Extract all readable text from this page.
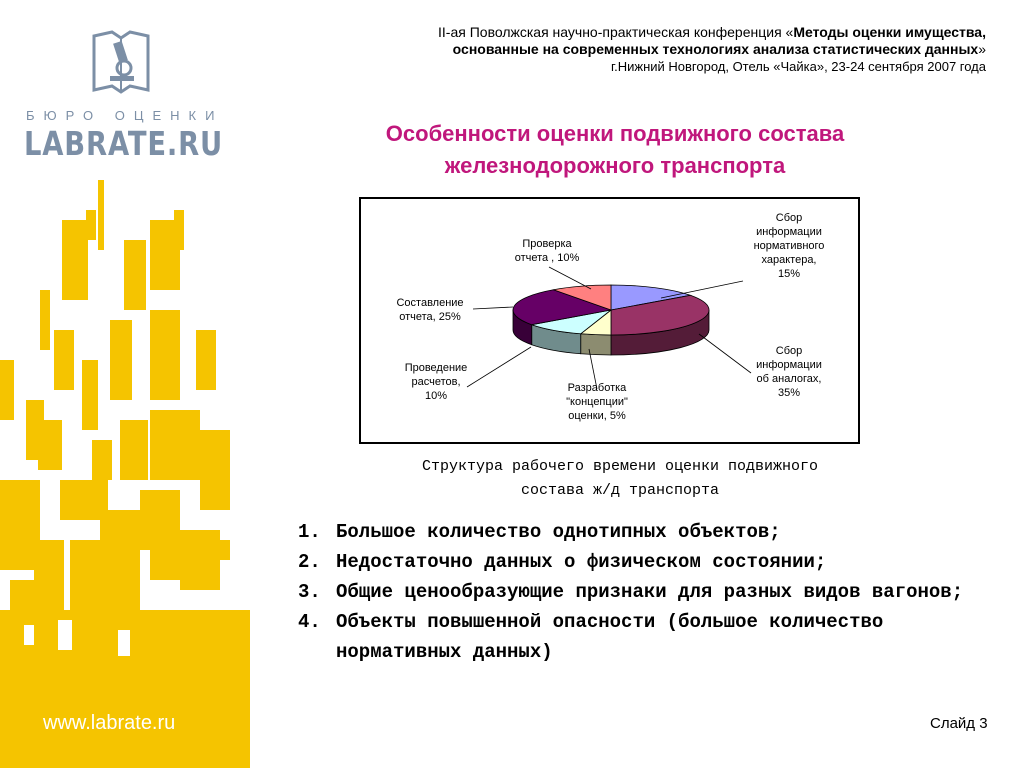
II-ая Поволжская научно-практическая конференция «Методы оценки имущества,
основанные на современных технологиях анализа статистических данных»
г.Нижний Новгород, Отель «Чайка», 23-24 сентября 2007 года
БЮРО ОЦЕНКИ
LABRATE.RU
www.labrate.ru
Особенности оценки подвижного состава железнодорожного транспорта
Сбор информации нормативного характера, 15%
Сбор информации об аналогах, 35%
Разработка "концепции" оценки, 5%
Проведение расчетов, 10%
Составление отчета, 25%
Проверка отчета , 10%
Структура рабочего времени оценки подвижного
состава ж/д транспорта
1. Большое количество однотипных объектов;
2. Недостаточно данных о физическом состоянии;
3. Общие ценообразующие признаки для разных видов вагонов;
4. Объекты повышенной опасности (большое количество нормативных данных)
Слайд 3
